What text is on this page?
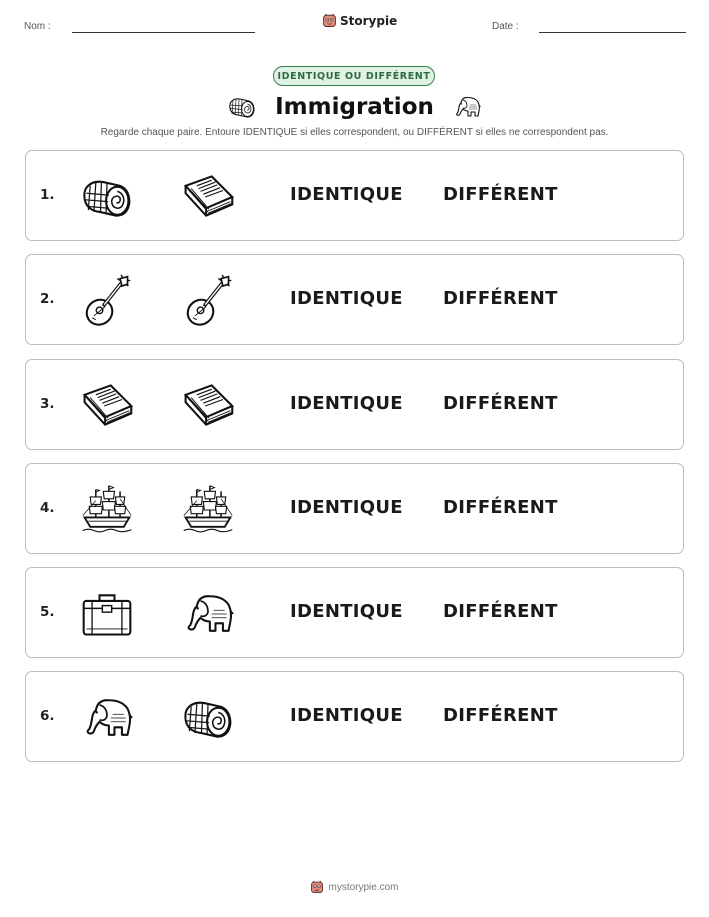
Nom :	Storypie	Date :
IDENTIQUE OU DIFFÉRENT
Immigration
Regarde chaque paire. Entoure IDENTIQUE si elles correspondent, ou DIFFÉRENT si elles ne correspondent pas.
1.	IDENTIQUE DIFFÉRENT
2.	IDENTIQUE DIFFÉRENT
3.	IDENTIQUE DIFFÉRENT
4.	IDENTIQUE DIFFÉRENT
5.	IDENTIQUE DIFFÉRENT
6.	IDENTIQUE DIFFÉRENT
mystorypie.com
